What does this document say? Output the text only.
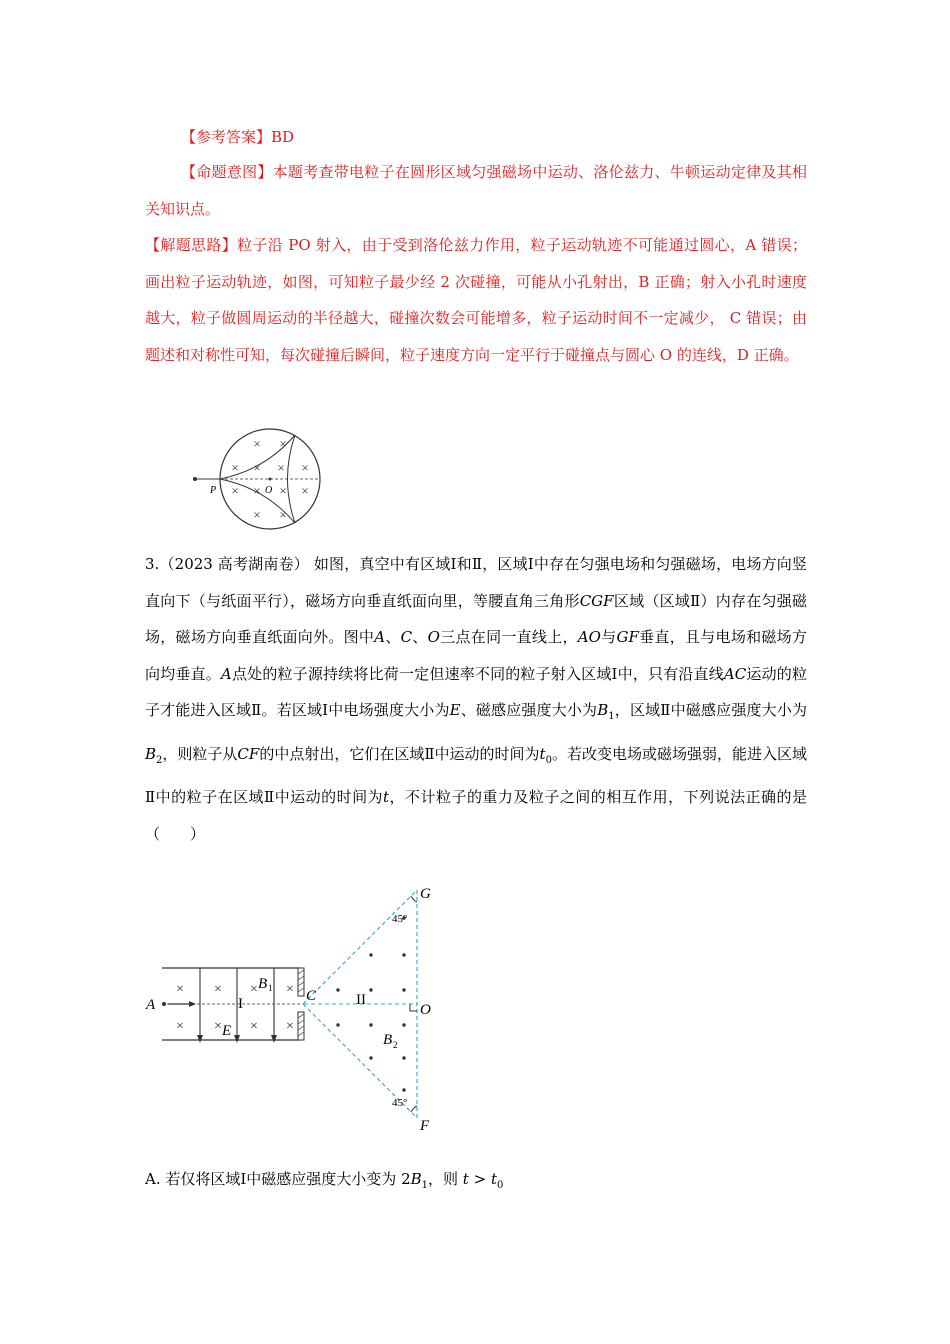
【参考答案】BD
【命题意图】本题考查带电粒子在圆形区域匀强磁场中运动、洛伦兹力、牛顿运动定律及其相关知识点。
【解题思路】粒子沿 PO 射入，由于受到洛伦兹力作用，粒子运动轨迹不可能通过圆心，A 错误；画出粒子运动轨迹，如图，可知粒子最少经 2 次碰撞，可能从小孔射出，B 正确；射入小孔时速度越大，粒子做圆周运动的半径越大，碰撞次数会可能增多，粒子运动时间不一定减少， C 错误；由题述和对称性可知，每次碰撞后瞬间，粒子速度方向一定平行于碰撞点与圆心 O 的连线，D 正确。
P	O
× ×
× × × ×
× × × ×
× ×
3.（2023 高考湖南卷） 如图，真空中有区域Ⅰ和Ⅱ，区域Ⅰ中存在匀强电场和匀强磁场，电场方向竖直向下（与纸面平行），磁场方向垂直纸面向里，等腰直角三角形CGF区域（区域Ⅱ）内存在匀强磁场，磁场方向垂直纸面向外。图中A、C、O三点在同一直线上，AO与GF垂直，且与电场和磁场方向均垂直。A点处的粒子源持续将比荷一定但速率不同的粒子射入区域Ⅰ中，只有沿直线AC运动的粒子才能进入区域Ⅱ。若区域Ⅰ中电场强度大小为E、磁感应强度大小为$B_1$，区域Ⅱ中磁感应强度大小为$B_2$，则粒子从CF的中点射出，它们在区域Ⅱ中运动的时间为$t_0$。若改变电场或磁场强弱，能进入区域Ⅱ中的粒子在区域Ⅱ中运动的时间为t，不计粒子的重力及粒子之间的相互作用，下列说法正确的是（　　）
× × × ×
× × × ×
A
C
O
G
F
E
B
B
1
2
I	II
45°
45°
A. 若仅将区域Ⅰ中磁感应强度大小变为 $2B_1$，则 $t > t_0$
